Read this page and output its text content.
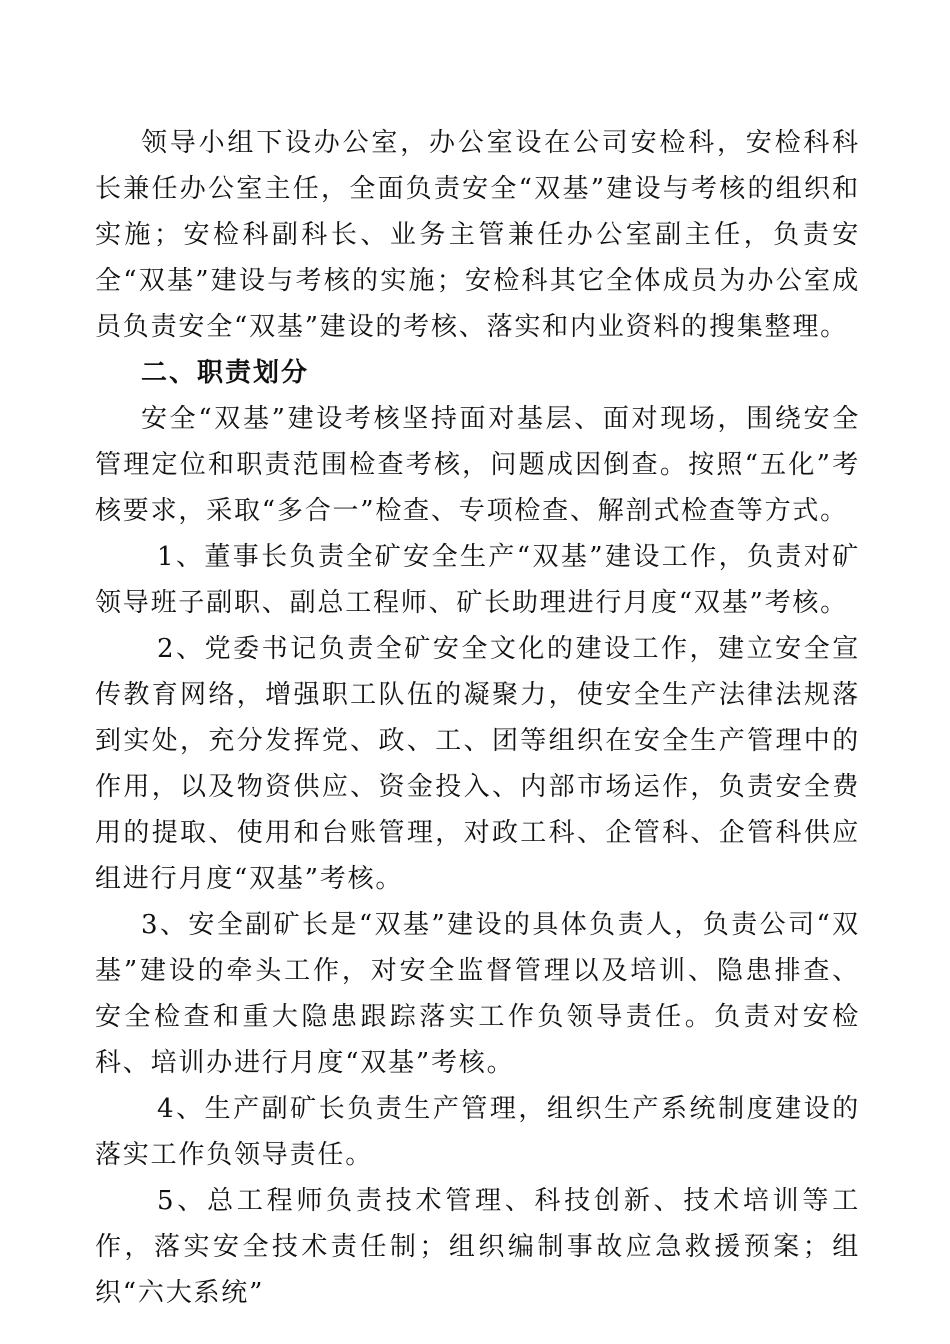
领导小组下设办公室，办公室设在公司安检科，安检科科长兼任办公室主任，全面负责安全“双基”建设与考核的组织和实施；安检科副科长、业务主管兼任办公室副主任，负责安全“双基”建设与考核的实施；安检科其它全体成员为办公室成员负责安全“双基”建设的考核、落实和内业资料的搜集整理。

二、职责划分

安全“双基”建设考核坚持面对基层、面对现场，围绕安全管理定位和职责范围检查考核，问题成因倒查。按照“五化”考核要求，采取“多合一”检查、专项检查、解剖式检查等方式。

1、董事长负责全矿安全生产“双基”建设工作，负责对矿领导班子副职、副总工程师、矿长助理进行月度“双基”考核。

2、党委书记负责全矿安全文化的建设工作，建立安全宣传教育网络，增强职工队伍的凝聚力，使安全生产法律法规落到实处，充分发挥党、政、工、团等组织在安全生产管理中的作用，以及物资供应、资金投入、内部市场运作，负责安全费用的提取、使用和台账管理，对政工科、企管科、企管科供应组进行月度“双基”考核。

3、安全副矿长是“双基”建设的具体负责人，负责公司“双基”建设的牵头工作，对安全监督管理以及培训、隐患排查、安全检查和重大隐患跟踪落实工作负领导责任。负责对安检科、培训办进行月度“双基”考核。

4、生产副矿长负责生产管理，组织生产系统制度建设的落实工作负领导责任。

5、总工程师负责技术管理、科技创新、技术培训等工作，落实安全技术责任制；组织编制事故应急救援预案；组织“六大系统”
